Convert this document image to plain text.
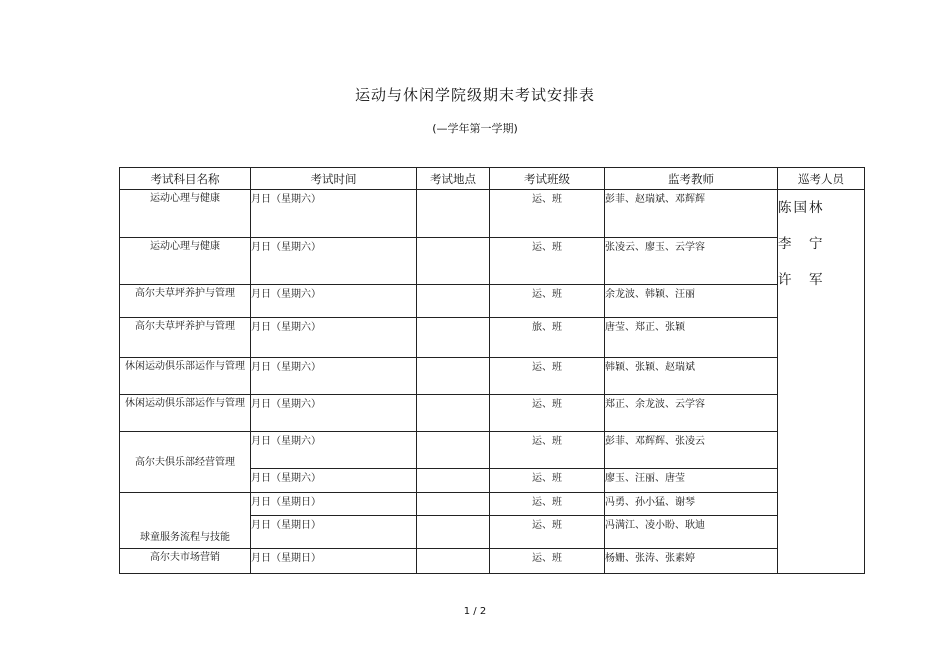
运动与休闲学院级期末考试安排表
(—学年第一学期)
考试科目名称	考试时间	考试地点	考试班级	监考教师	巡考人员
运动心理与健康	月日（星期六）		运、班	彭菲、赵瑞斌、邓辉辉	陈国林
李　宁
许　军

运动心理与健康	月日（星期六）		运、班	张凌云、廖玉、云学容	
高尔夫草坪养护与管理	月日（星期六）		运、班	余龙波、韩颖、汪丽	
高尔夫草坪养护与管理	月日（星期六）		旅、班	唐莹、郑正、张颖	
休闲运动俱乐部运作与管理	月日（星期六）		运、班	韩颖、张颖、赵瑞斌	
休闲运动俱乐部运作与管理	月日（星期六）		运、班	郑正、余龙波、云学容	
高尔夫俱乐部经营管理	月日（星期六）		运、班	彭菲、邓辉辉、张凌云	
	月日（星期六）		运、班	廖玉、汪丽、唐莹	
球童服务流程与技能	月日（星期日）		运、班	冯勇、孙小猛、谢琴	
	月日（星期日）		运、班	冯满江、凌小盼、耿迪	
高尔夫市场营销	月日（星期日）		运、班	杨姗、张涛、张素婷	
1 / 2
